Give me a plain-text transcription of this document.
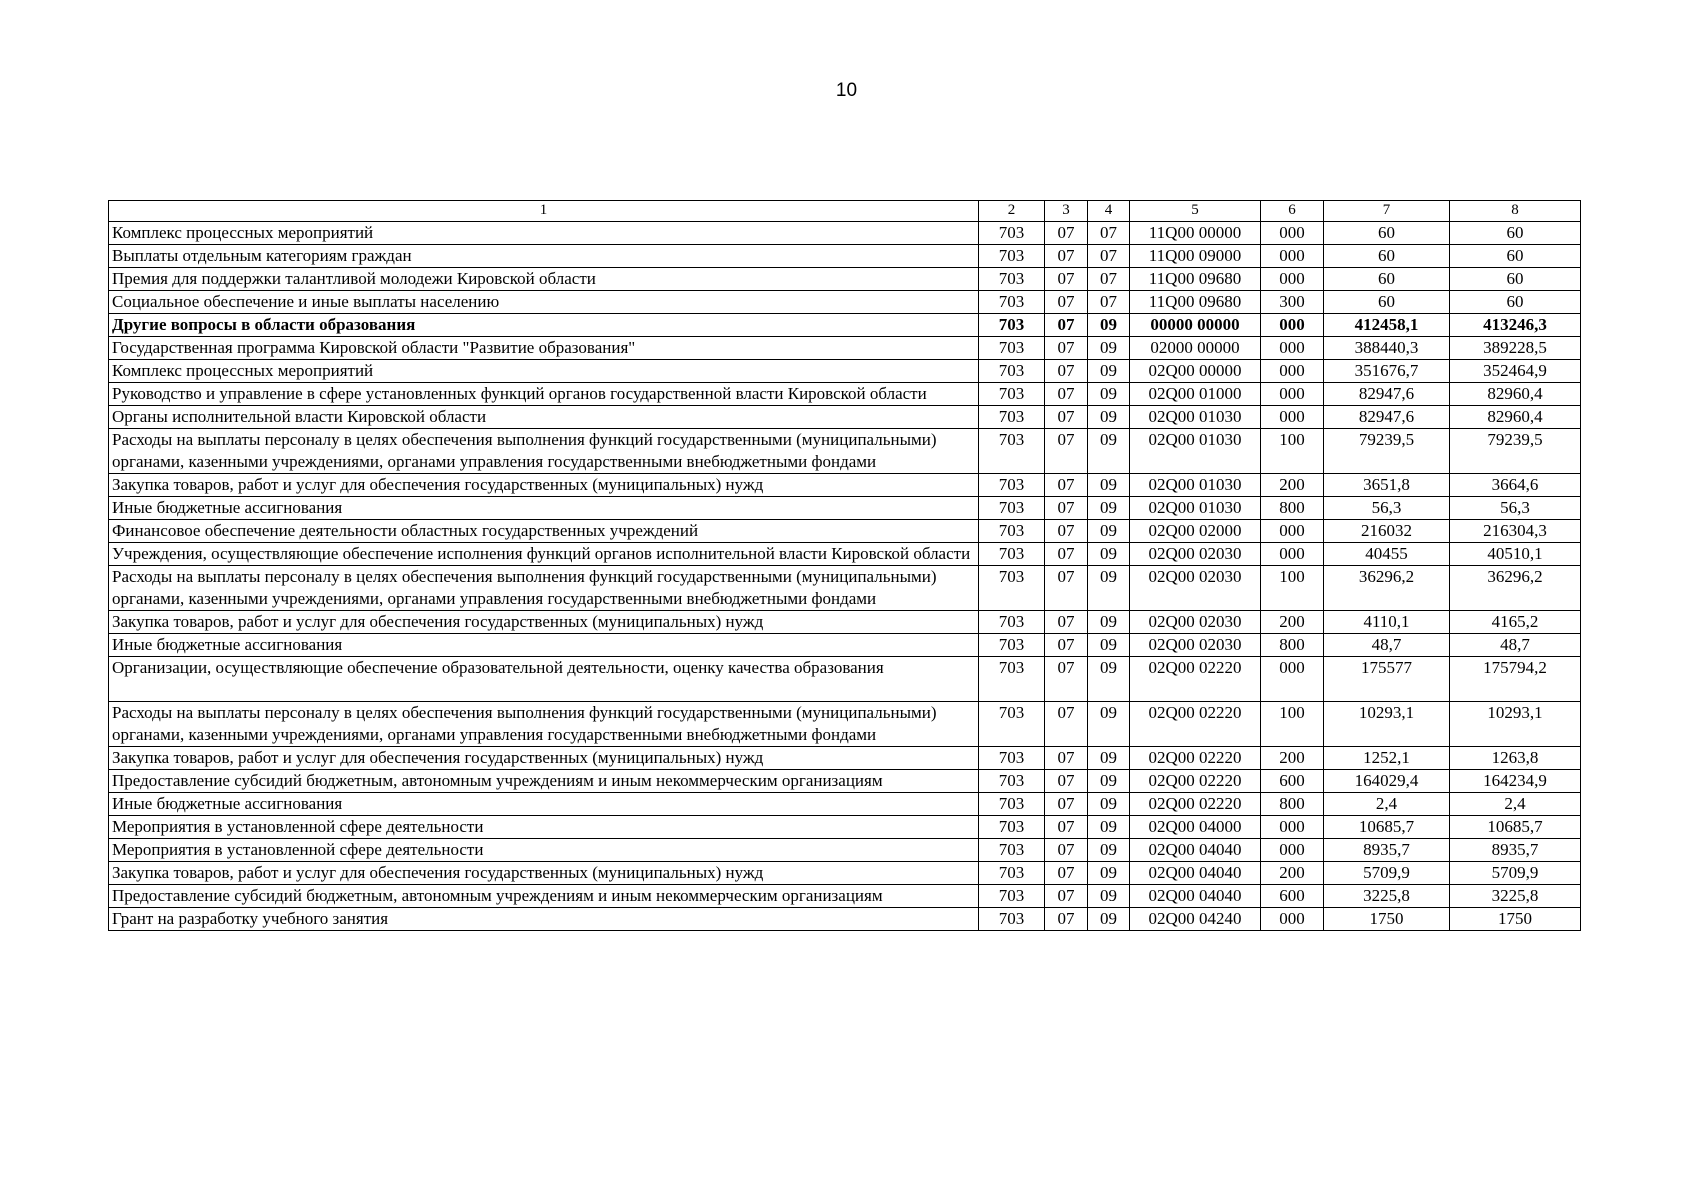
10
1	2	3	4	5	6	7	8
Комплекс процессных мероприятий	703	07	07	11Q00 00000	000	60	60
Выплаты отдельным категориям граждан	703	07	07	11Q00 09000	000	60	60
Премия для поддержки талантливой молодежи Кировской области	703	07	07	11Q00 09680	000	60	60
Социальное обеспечение и иные выплаты населению	703	07	07	11Q00 09680	300	60	60
Другие вопросы в области образования	703	07	09	00000 00000	000	412458,1	413246,3
Государственная программа Кировской области "Развитие образования"	703	07	09	02000 00000	000	388440,3	389228,5
Комплекс процессных мероприятий	703	07	09	02Q00 00000	000	351676,7	352464,9
Руководство и управление в сфере установленных функций органов государственной власти Кировской области	703	07	09	02Q00 01000	000	82947,6	82960,4
Органы исполнительной власти Кировской области	703	07	09	02Q00 01030	000	82947,6	82960,4
Расходы на выплаты персоналу в целях обеспечения выполнения функций государственными (муниципальными) органами, казенными учреждениями, органами управления государственными внебюджетными фондами	703	07	09	02Q00 01030	100	79239,5	79239,5
Закупка товаров, работ и услуг для обеспечения государственных (муниципальных) нужд	703	07	09	02Q00 01030	200	3651,8	3664,6
Иные бюджетные ассигнования	703	07	09	02Q00 01030	800	56,3	56,3
Финансовое обеспечение деятельности областных государственных учреждений	703	07	09	02Q00 02000	000	216032	216304,3
Учреждения, осуществляющие обеспечение исполнения функций органов исполнительной власти Кировской области	703	07	09	02Q00 02030	000	40455	40510,1
Расходы на выплаты персоналу в целях обеспечения выполнения функций государственными (муниципальными) органами, казенными учреждениями, органами управления государственными внебюджетными фондами	703	07	09	02Q00 02030	100	36296,2	36296,2
Закупка товаров, работ и услуг для обеспечения государственных (муниципальных) нужд	703	07	09	02Q00 02030	200	4110,1	4165,2
Иные бюджетные ассигнования	703	07	09	02Q00 02030	800	48,7	48,7
Организации, осуществляющие обеспечение образовательной деятельности, оценку качества образования	703	07	09	02Q00 02220	000	175577	175794,2
Расходы на выплаты персоналу в целях обеспечения выполнения функций государственными (муниципальными) органами, казенными учреждениями, органами управления государственными внебюджетными фондами	703	07	09	02Q00 02220	100	10293,1	10293,1
Закупка товаров, работ и услуг для обеспечения государственных (муниципальных) нужд	703	07	09	02Q00 02220	200	1252,1	1263,8
Предоставление субсидий бюджетным, автономным учреждениям и иным некоммерческим организациям	703	07	09	02Q00 02220	600	164029,4	164234,9
Иные бюджетные ассигнования	703	07	09	02Q00 02220	800	2,4	2,4
Мероприятия в установленной сфере деятельности	703	07	09	02Q00 04000	000	10685,7	10685,7
Мероприятия в установленной сфере деятельности	703	07	09	02Q00 04040	000	8935,7	8935,7
Закупка товаров, работ и услуг для обеспечения государственных (муниципальных) нужд	703	07	09	02Q00 04040	200	5709,9	5709,9
Предоставление субсидий бюджетным, автономным учреждениям и иным некоммерческим организациям	703	07	09	02Q00 04040	600	3225,8	3225,8
Грант на разработку учебного занятия	703	07	09	02Q00 04240	000	1750	1750
